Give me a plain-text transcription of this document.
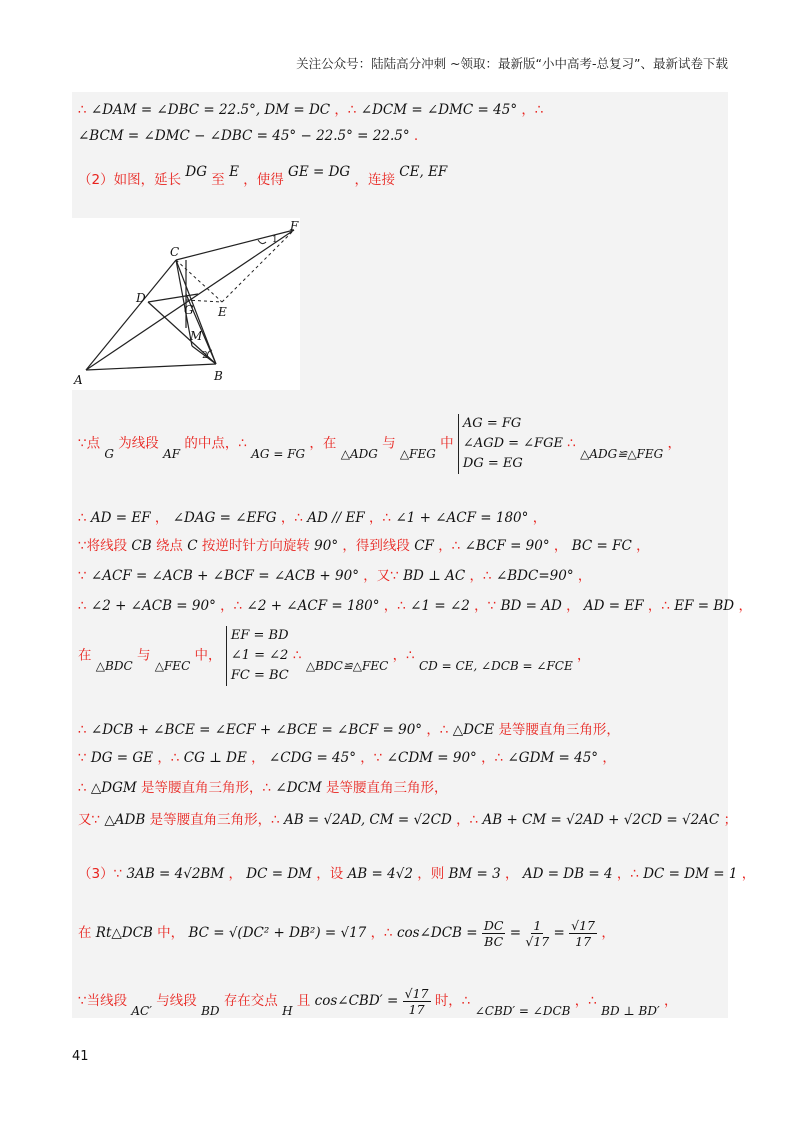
关注公众号：陆陆高分冲刺 ~领取：最新版“小中高考-总复习”、最新试卷下载
∴ ∠DAM = ∠DBC = 22.5°, DM = DC ，∴ ∠DCM = ∠DMC = 45° ，∴
∠BCM = ∠DMC − ∠DBC = 45° − 22.5° = 22.5° .
（2）如图，延长 DG 至 E ，使得 GE = DG ，连接 CE, EF
A	B
C
D
E
F
G
M
1
2
∵点 G 为线段 AF 的中点，∴ AG = FG ，在 △ADG 与 △FEG 中
AG = FG
∠AGD = ∠FGE
DG = EG
∴ △ADG≌△FEG ，
∴ AD = EF ， ∠DAG = ∠EFG ，∴ AD // EF ，∴ ∠1 + ∠ACF = 180° ，
∵将线段 CB 绕点 C 按逆时针方向旋转 90° ，得到线段 CF ，∴ ∠BCF = 90° ， BC = FC ，
∵ ∠ACF = ∠ACB + ∠BCF = ∠ACB + 90° ，又∵ BD ⊥ AC ，∴ ∠BDC=90° ，
∴ ∠2 + ∠ACB = 90° ，∴ ∠2 + ∠ACF = 180° ，∴ ∠1 = ∠2 ，∵ BD = AD ， AD = EF ，∴ EF = BD ，
在 △BDC 与 △FEC 中，
EF = BD
∠1 = ∠2
FC = BC
∴ △BDC≌△FEC ，∴ CD = CE, ∠DCB = ∠FCE ，
∴ ∠DCB + ∠BCE = ∠ECF + ∠BCE = ∠BCF = 90° ，∴ △DCE 是等腰直角三角形，
∵ DG = GE ，∴ CG ⊥ DE ， ∠CDG = 45° ，∵ ∠CDM = 90° ，∴ ∠GDM = 45° ，
∴ △DGM 是等腰直角三角形，∴ ∠DCM 是等腰直角三角形，
又∵ △ADB 是等腰直角三角形，∴ AB = √2AD, CM = √2CD ，∴ AB + CM = √2AD + √2CD = √2AC ；
（3）∵ 3AB = 4√2BM ， DC = DM ，设 AB = 4√2 ，则 BM = 3 ， AD = DB = 4 ，∴ DC = DM = 1 ，
在 Rt△DCB 中， BC = √(DC² + DB²) = √17 ，∴ cos∠DCB = $\frac{DC}{BC} = \frac{1}{√17} = \frac{√17}{17}$ ，
∵当线段 AC′ 与线段 BD 存在交点 H 且 cos∠CBD′ = $\frac{√17}{17}$ 时，∴ ∠CBD′ = ∠DCB ，∴ BD ⊥ BD′ ，
41
